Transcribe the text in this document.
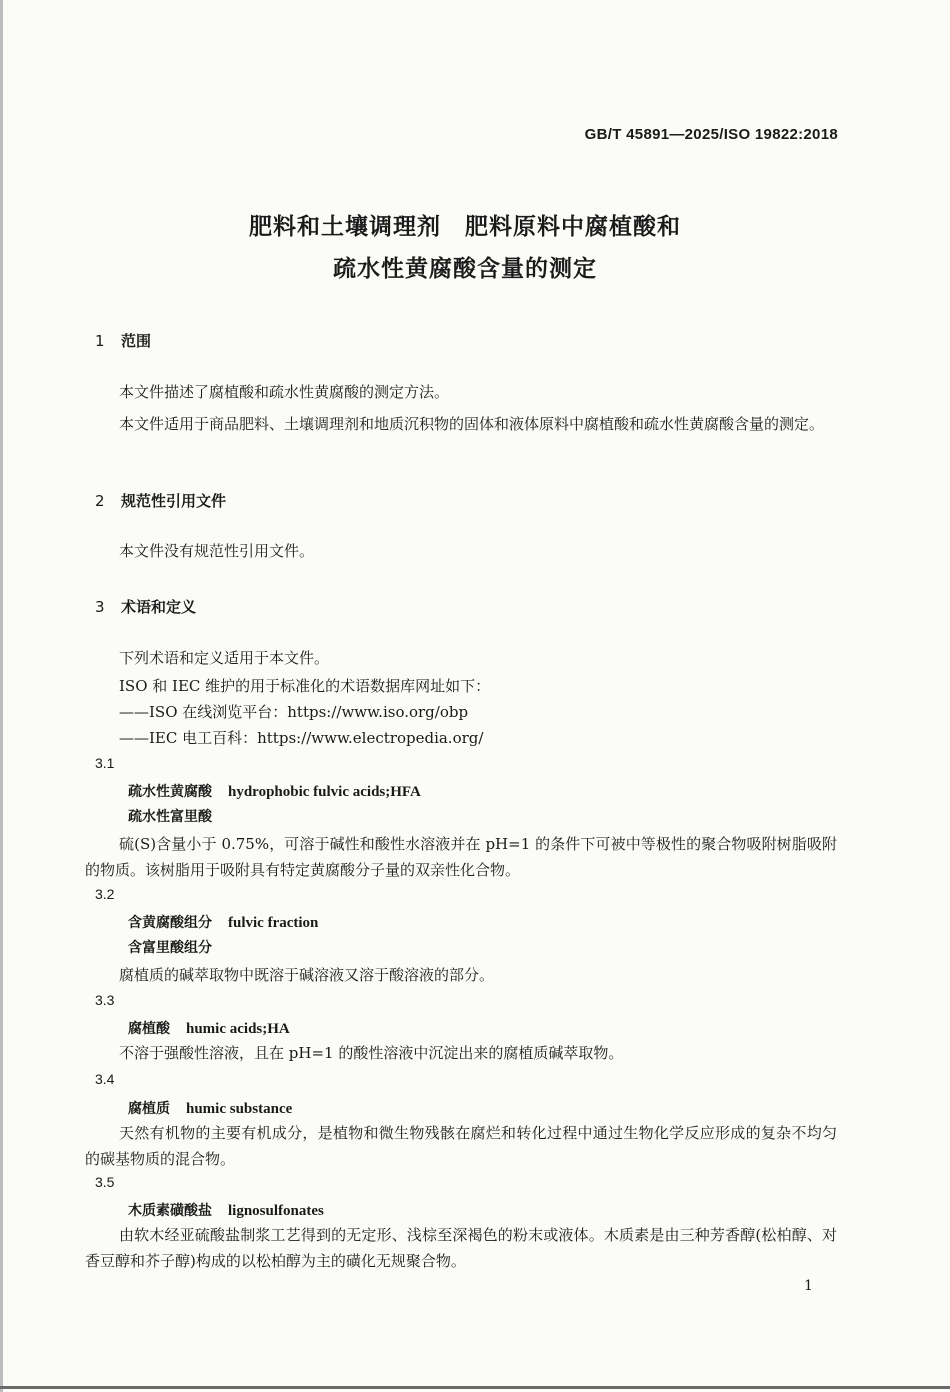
GB/T 45891—2025/ISO 19822:2018
肥料和土壤调理剂　肥料原料中腐植酸和
疏水性黄腐酸含量的测定
1 范围
本文件描述了腐植酸和疏水性黄腐酸的测定方法。
本文件适用于商品肥料、土壤调理剂和地质沉积物的固体和液体原料中腐植酸和疏水性黄腐酸含量的测定。
2 规范性引用文件
本文件没有规范性引用文件。
3 术语和定义
下列术语和定义适用于本文件。
ISO 和 IEC 维护的用于标准化的术语数据库网址如下：
——ISO 在线浏览平台：https://www.iso.org/obp
——IEC 电工百科：https://www.electropedia.org/
3.1
疏水性黄腐酸 hydrophobic fulvic acids;HFA
疏水性富里酸
硫(S)含量小于 0.75%，可溶于碱性和酸性水溶液并在 pH=1 的条件下可被中等极性的聚合物吸附树脂吸附的物质。该树脂用于吸附具有特定黄腐酸分子量的双亲性化合物。
3.2
含黄腐酸组分 fulvic fraction
含富里酸组分
腐植质的碱萃取物中既溶于碱溶液又溶于酸溶液的部分。
3.3
腐植酸 humic acids;HA
不溶于强酸性溶液，且在 pH=1 的酸性溶液中沉淀出来的腐植质碱萃取物。
3.4
腐植质 humic substance
天然有机物的主要有机成分，是植物和微生物残骸在腐烂和转化过程中通过生物化学反应形成的复杂不均匀的碳基物质的混合物。
3.5
木质素磺酸盐 lignosulfonates
由软木经亚硫酸盐制浆工艺得到的无定形、浅棕至深褐色的粉末或液体。木质素是由三种芳香醇(松柏醇、对香豆醇和芥子醇)构成的以松柏醇为主的磺化无规聚合物。
1
